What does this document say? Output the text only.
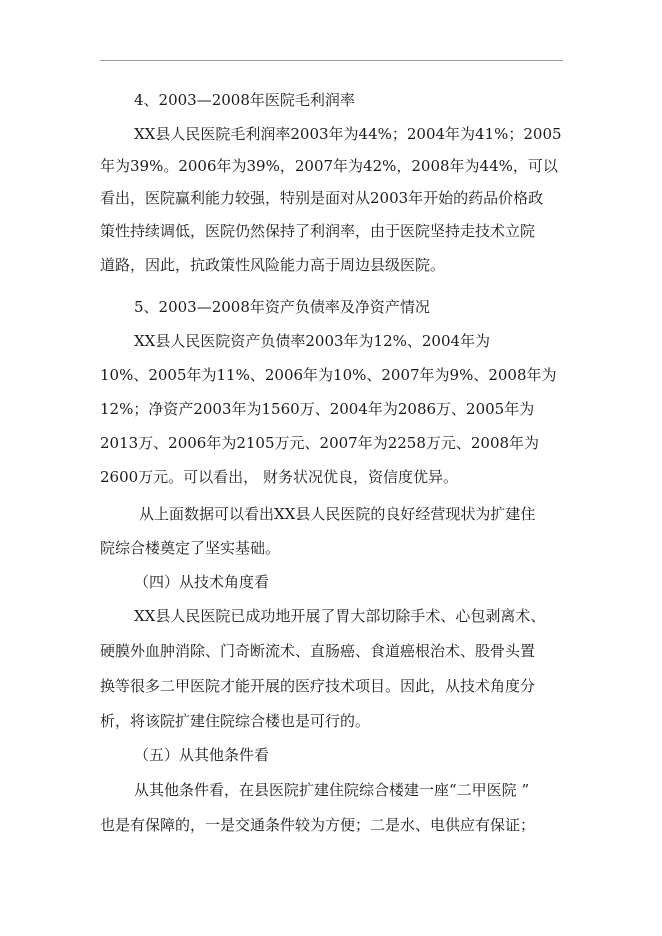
4、2003—2008年医院毛利润率
XX县人民医院毛利润率2003年为44%；2004年为41%；2005
年为39%。2006年为39%，2007年为42%，2008年为44%，可以
看出，医院赢利能力较强，特别是面对从2003年开始的药品价格政
策性持续调低，医院仍然保持了利润率，由于医院坚持走技术立院
道路，因此，抗政策性风险能力高于周边县级医院。
5、2003—2008年资产负债率及净资产情况
XX县人民医院资产负债率2003年为12%、2004年为
10%、2005年为11%、2006年为10%、2007年为9%、2008年为
12%；净资产2003年为1560万、2004年为2086万、2005年为
2013万、2006年为2105万元、2007年为2258万元、2008年为
2600万元。可以看出， 财务状况优良，资信度优异。
从上面数据可以看出XX县人民医院的良好经营现状为扩建住
院综合楼奠定了坚实基础。
（四）从技术角度看
XX县人民医院已成功地开展了胃大部切除手术、心包剥离术、
硬膜外血肿消除、门奇断流术、直肠癌、食道癌根治术、股骨头置
换等很多二甲医院才能开展的医疗技术项目。因此，从技术角度分
析，将该院扩建住院综合楼也是可行的。
（五）从其他条件看
从其他条件看，在县医院扩建住院综合楼建一座“二甲医院 ”
也是有保障的，一是交通条件较为方便；二是水、电供应有保证；
